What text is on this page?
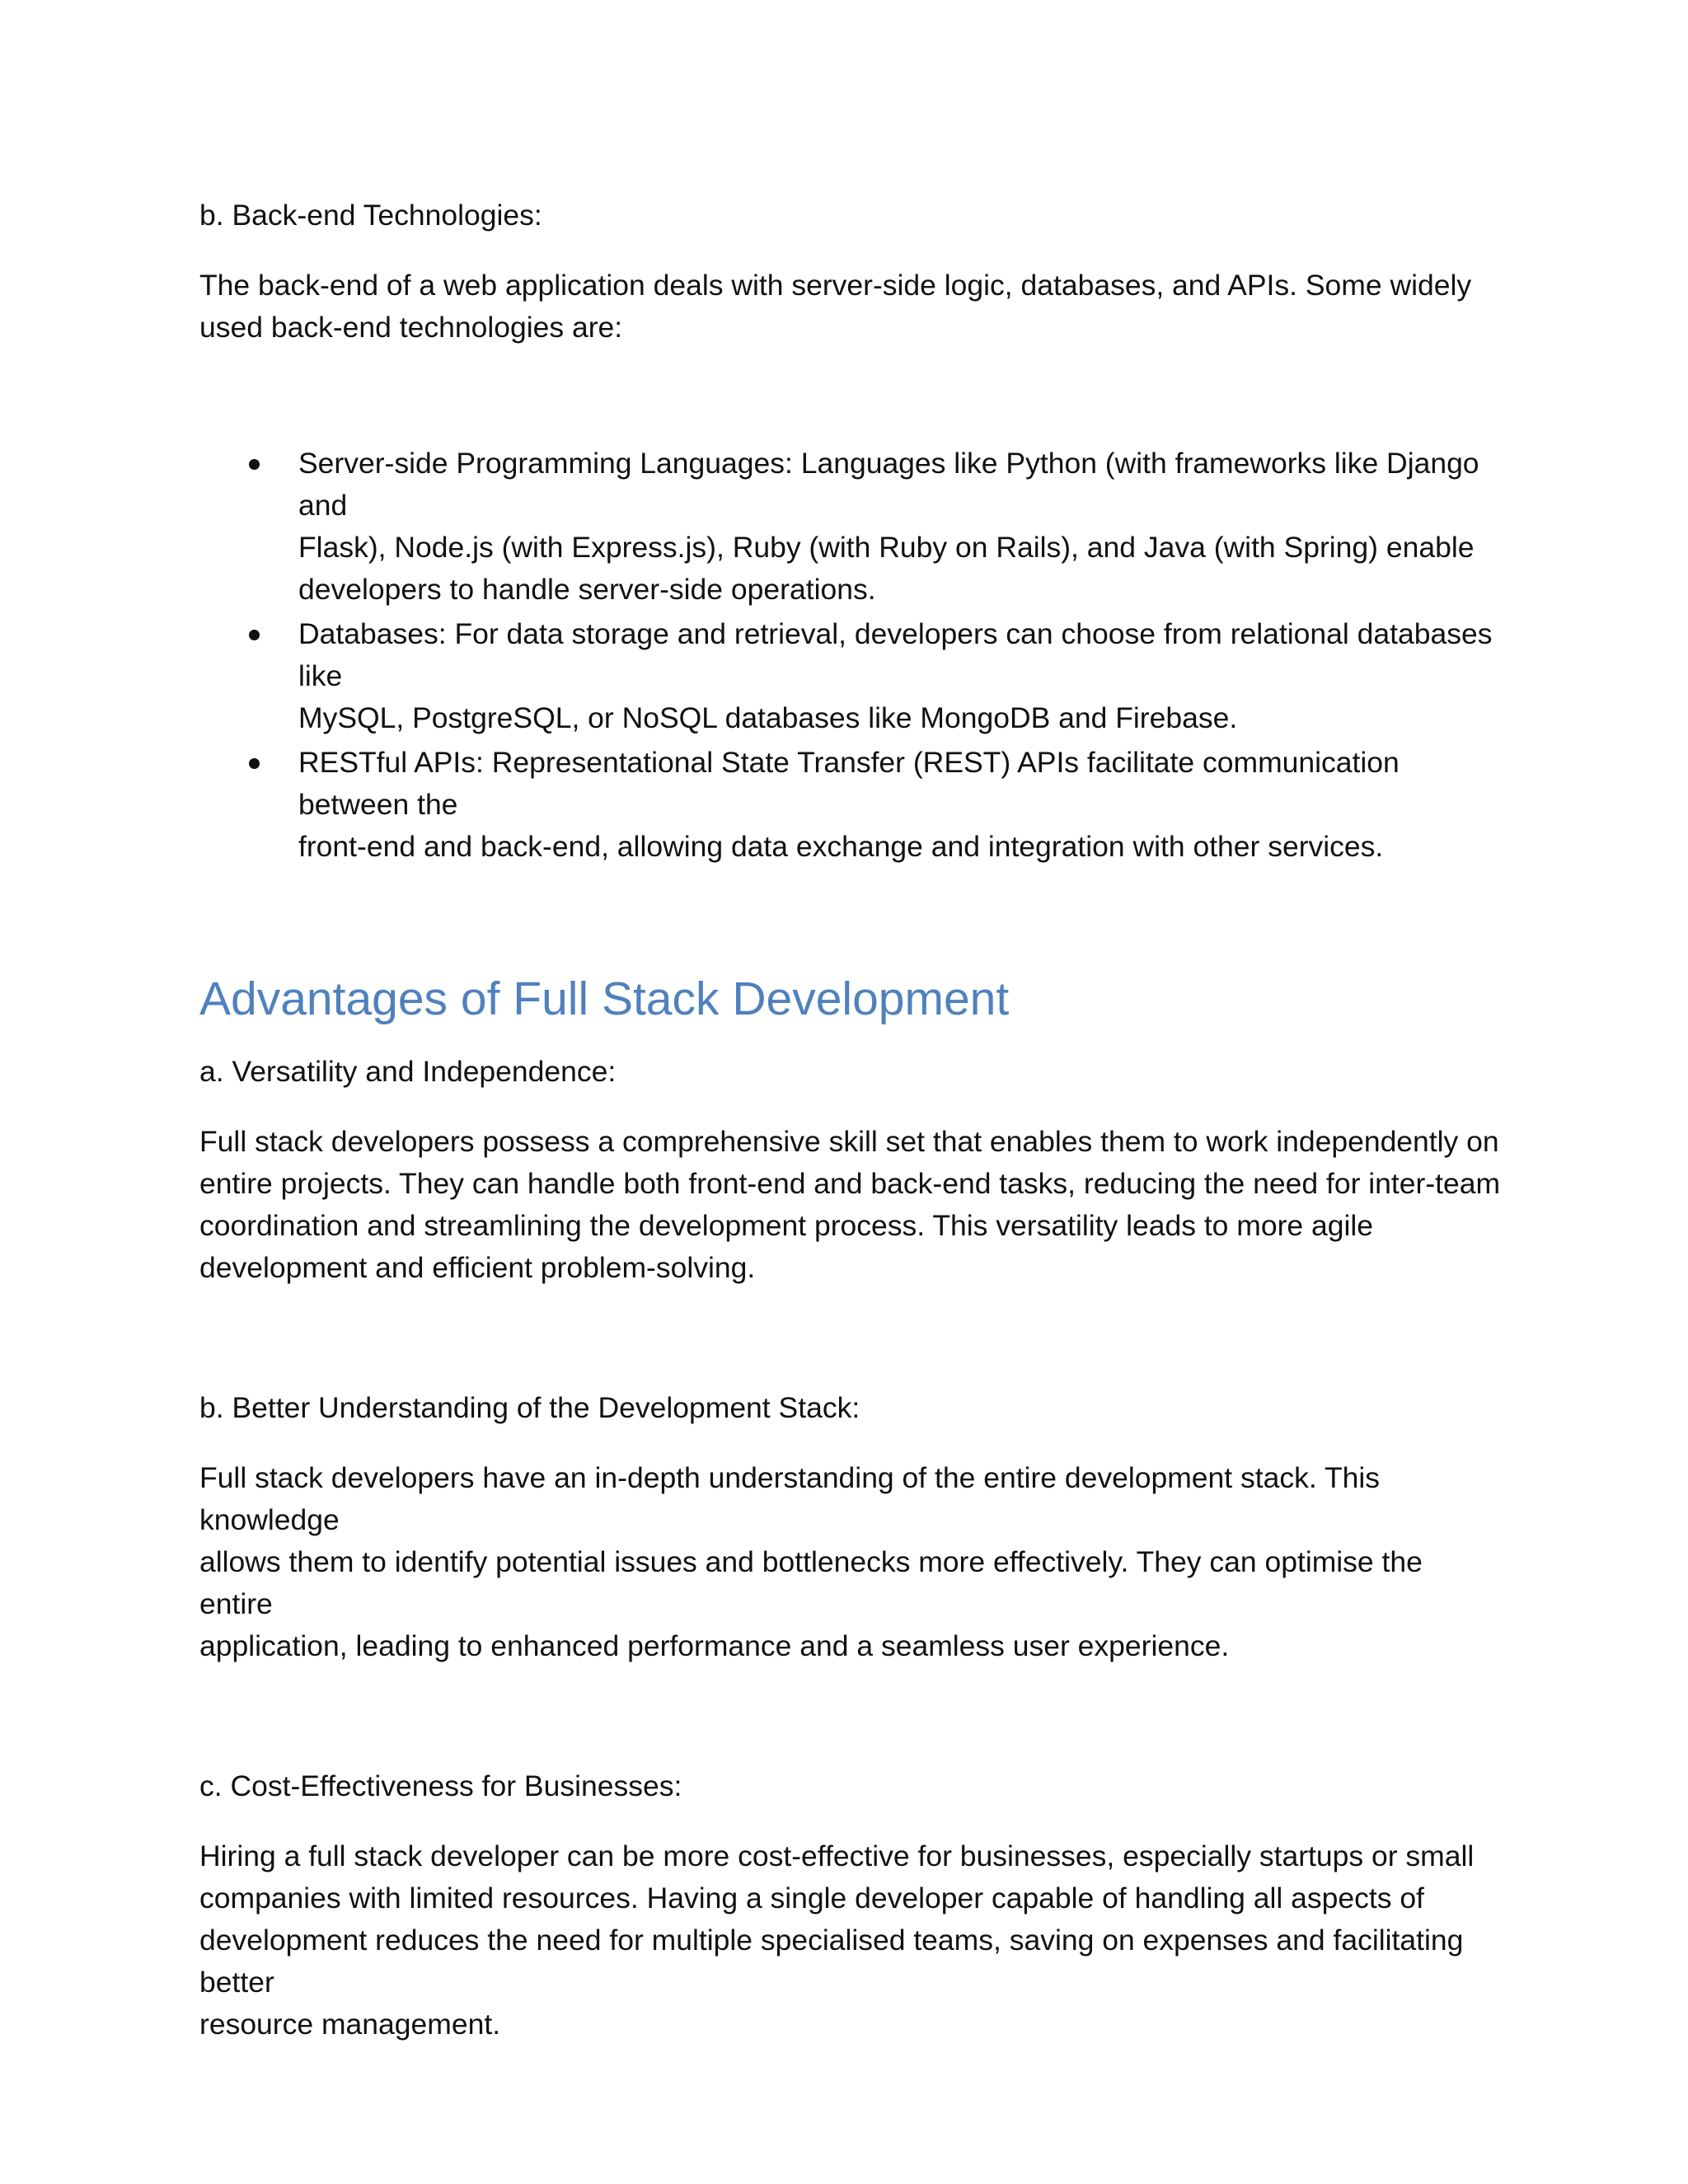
b. Back-end Technologies:

The back-end of a web application deals with server-side logic, databases, and APIs. Some widely used back-end technologies are:

Server-side Programming Languages: Languages like Python (with frameworks like Django and
Flask), Node.js (with Express.js), Ruby (with Ruby on Rails), and Java (with Spring) enable
developers to handle server-side operations.
Databases: For data storage and retrieval, developers can choose from relational databases like
MySQL, PostgreSQL, or NoSQL databases like MongoDB and Firebase.
RESTful APIs: Representational State Transfer (REST) APIs facilitate communication between the
front-end and back-end, allowing data exchange and integration with other services.
Advantages of Full Stack Development

a. Versatility and Independence:

Full stack developers possess a comprehensive skill set that enables them to work independently on

entire projects. They can handle both front-end and back-end tasks, reducing the need for inter-team

coordination and streamlining the development process. This versatility leads to more agile

development and efficient problem-solving.

b. Better Understanding of the Development Stack:

Full stack developers have an in-depth understanding of the entire development stack. This knowledge

allows them to identify potential issues and bottlenecks more effectively. They can optimise the entire

application, leading to enhanced performance and a seamless user experience.

c. Cost-Effectiveness for Businesses:

Hiring a full stack developer can be more cost-effective for businesses, especially startups or small

companies with limited resources. Having a single developer capable of handling all aspects of

development reduces the need for multiple specialised teams, saving on expenses and facilitating better

resource management.
